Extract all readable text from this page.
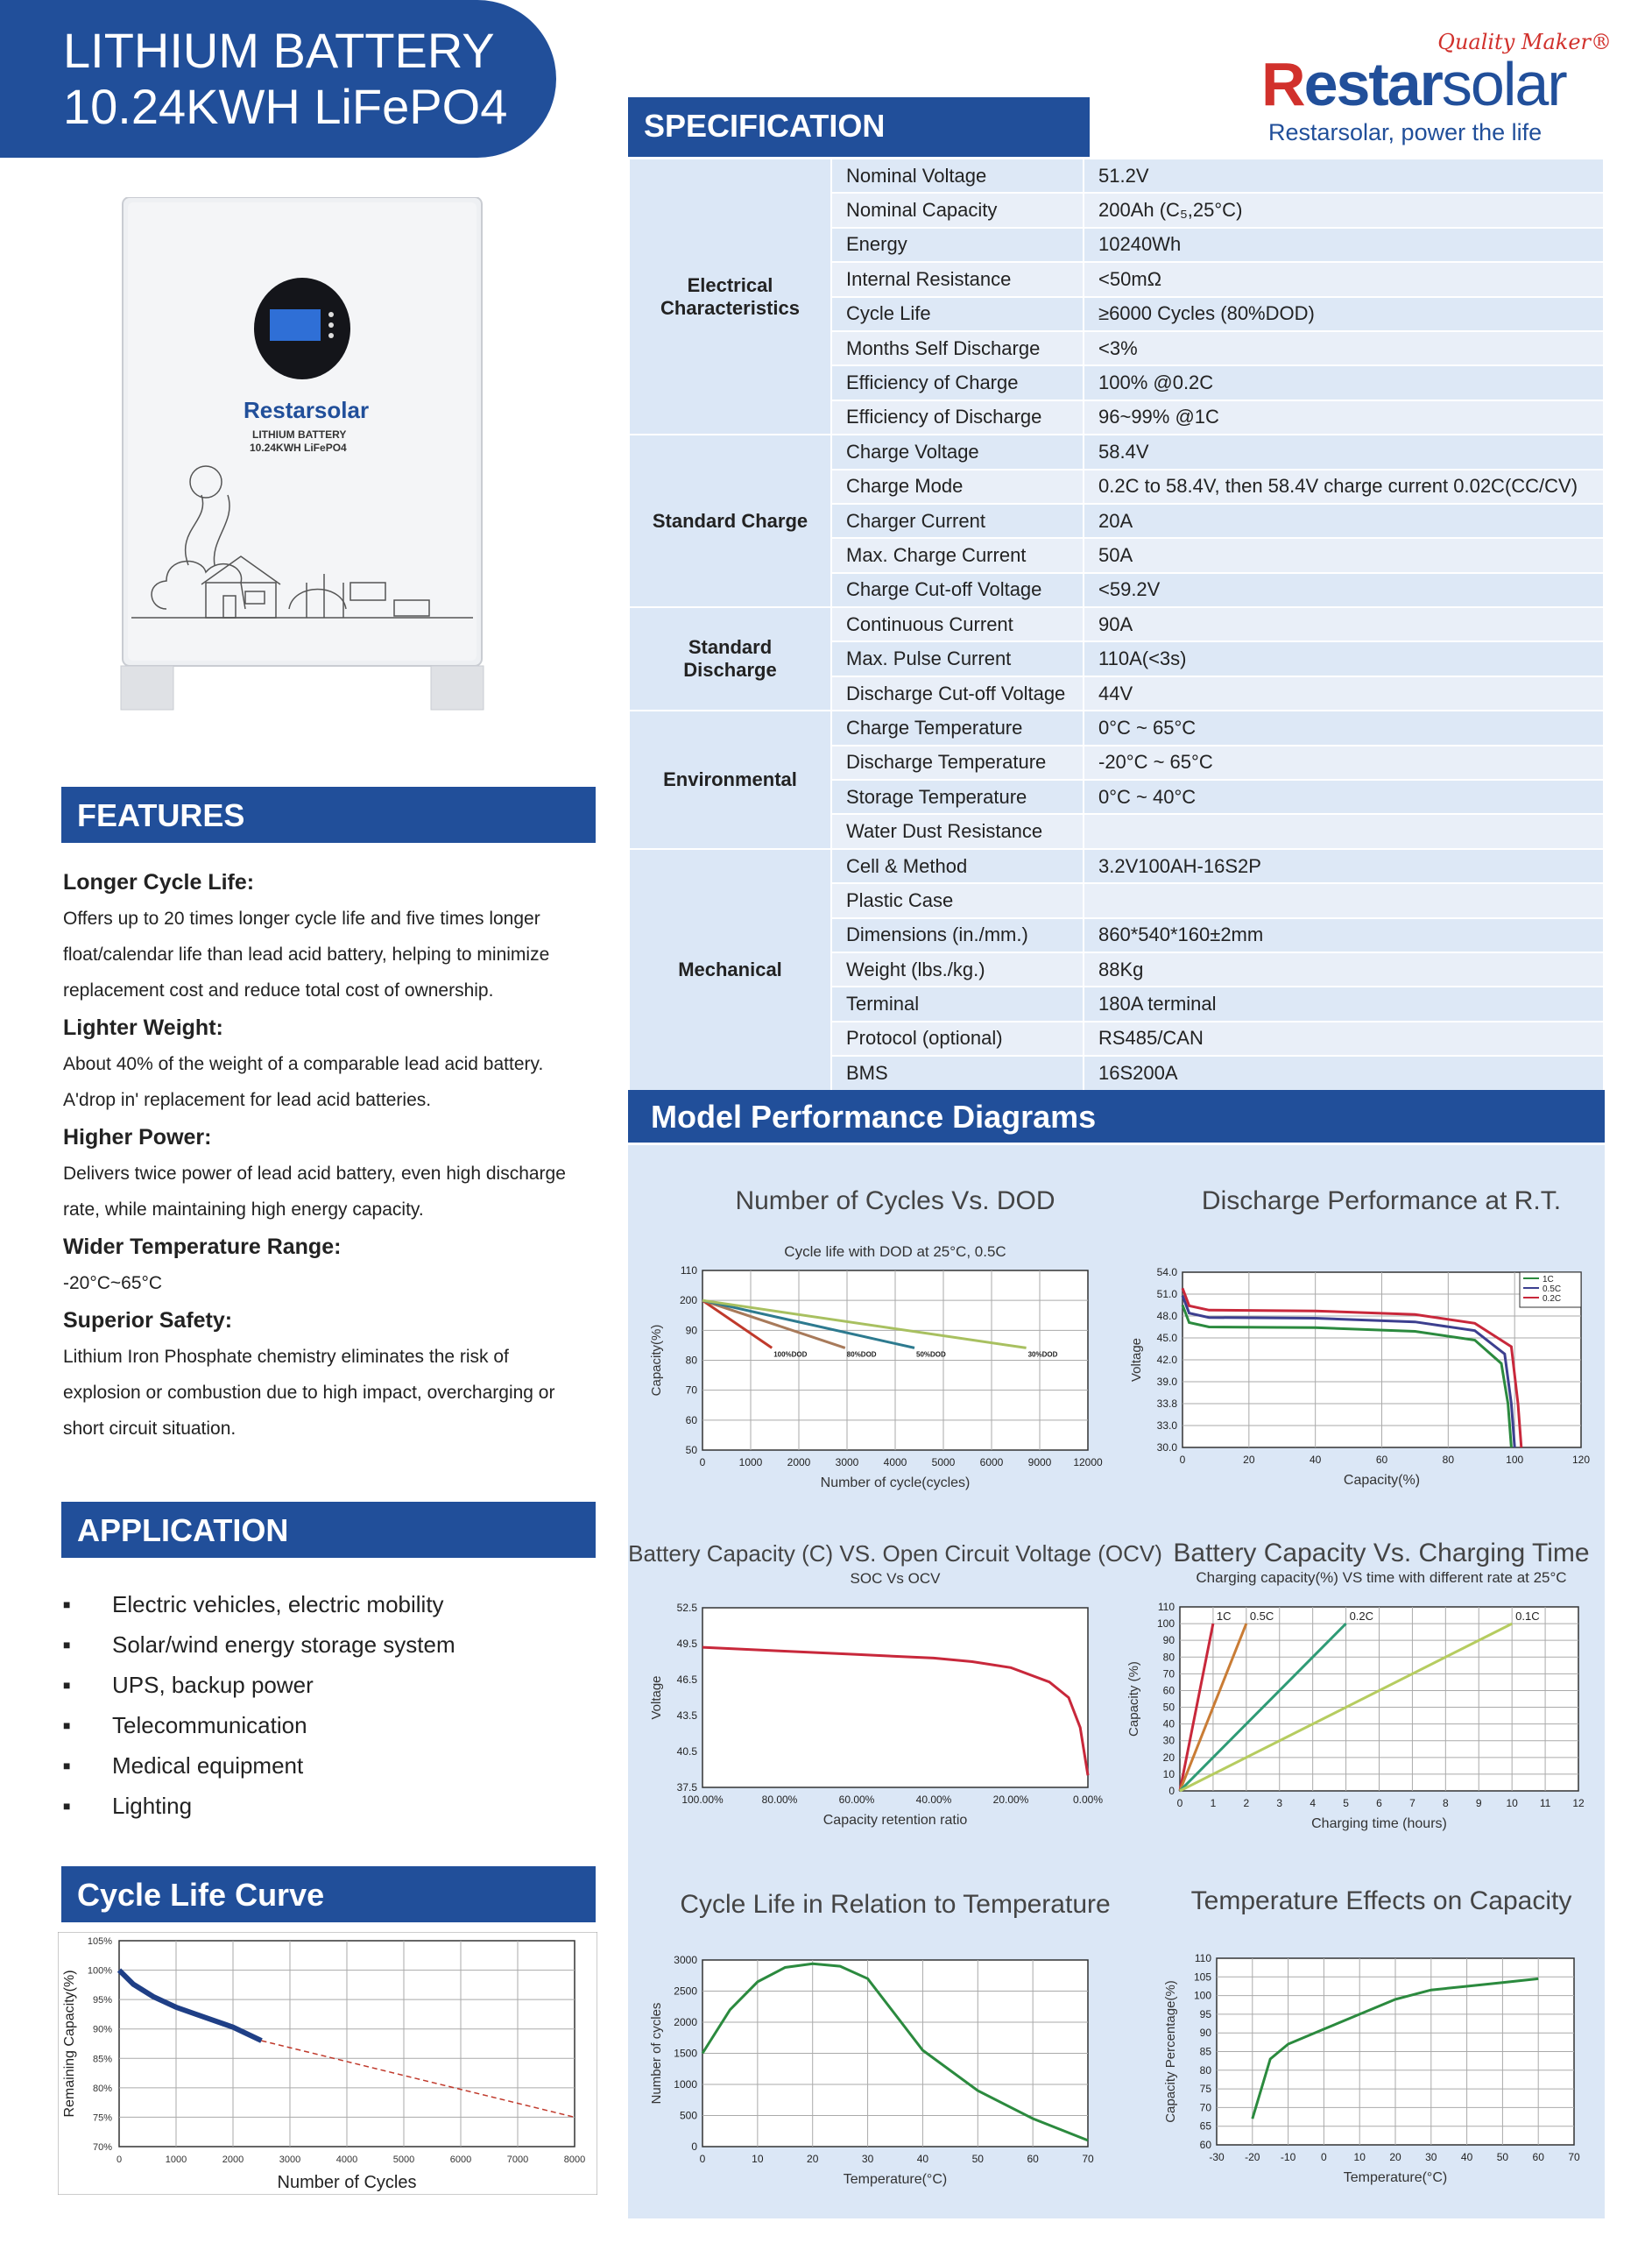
LITHIUM BATTERY
10.24KWH LiFePO4
Quality Maker®
Restarsolar
Restarsolar, power the life
Restarsolar
LITHIUM BATTERY
10.24KWH LiFePO4
SPECIFICATION
Electrical Characteristics	Nominal Voltage	51.2V
	Nominal Capacity	200Ah (C₅,25°C)
	Energy	10240Wh
	Internal Resistance	<50mΩ
	Cycle Life	≥6000 Cycles (80%DOD)
	Months Self Discharge	<3%
	Efficiency of Charge	100% @0.2C
	Efficiency of Discharge	96~99% @1C
Standard Charge	Charge Voltage	58.4V
	Charge Mode	0.2C to 58.4V, then 58.4V charge current 0.02C(CC/CV)
	Charger Current	20A
	Max. Charge Current	50A
	Charge Cut-off Voltage	<59.2V
Standard Discharge	Continuous Current	90A
	Max. Pulse Current	110A(<3s)
	Discharge Cut-off Voltage	44V
Environmental	Charge Temperature	0°C ~ 65°C
	Discharge Temperature	-20°C ~ 65°C
	Storage Temperature	0°C ~ 40°C
	Water Dust Resistance	
Mechanical	Cell & Method	3.2V100AH-16S2P
	Plastic Case	
	Dimensions (in./mm.)	860*540*160±2mm
	Weight (lbs./kg.)	88Kg
	Terminal	180A terminal
	Protocol (optional)	RS485/CAN
	BMS	16S200A
FEATURES
Longer Cycle Life:
Offers up to 20 times longer cycle life and five times longer
float/calendar life than lead acid battery, helping to minimize
replacement cost and reduce total cost of ownership.
Lighter Weight:
About 40% of the weight of a comparable lead acid battery.
A'drop in' replacement for lead acid batteries.
Higher Power:
Delivers twice power of lead acid battery, even high discharge
rate, while maintaining high energy capacity.
Wider Temperature Range:
-20°C~65°C
Superior Safety:
Lithium Iron Phosphate chemistry eliminates the risk of
explosion or combustion due to high impact, overcharging or
short circuit situation.
APPLICATION
■	Electric vehicles, electric mobility
■	Solar/wind energy storage system
■	UPS, backup power
■	Telecommunication
■	Medical equipment
■	Lighting
Cycle Life Curve
70%
75%
80%
85%
90%
95%
100%
105%
0	1000	2000	3000	4000	5000	6000	7000	8000
Number of Cycles
Remaining Capacity(%)
Model Performance Diagrams
Number of Cycles Vs. DOD
Cycle life with DOD at 25°C, 0.5C
50
60
70
80
90
200
110
0	1000 2000 3000 4000 5000 6000 9000 12000
Number of cycle(cycles)
Capacity(%)	100%DOD	80%DOD	50%DOD	30%DOD
Discharge Performance at R.T.
30.0
33.0
33.8
39.0
42.0
45.0
48.0
51.0
54.0
0	20	40	60	80	100	120
Capacity(%)
Voltage
1C
0.5C
0.2C
Battery Capacity (C) VS. Open Circuit Voltage (OCV)
SOC Vs OCV
37.5
40.5
43.5
46.5
49.5
52.5
100.00%	80.00%	60.00%	40.00%	20.00%	0.00%
Capacity retention ratio
Voltage
Battery Capacity Vs. Charging Time
Charging capacity(%) VS time with different rate at 25°C
0
10
20
30
40
50
60
70
80
90
100
110
0	1	2	3	4	5	6	7	8	9 10 11 12
Charging time (hours)
Capacity (%)
1C 0.5C	0.2C	0.1C
Cycle Life in Relation to Temperature
0
500
1000
1500
2000
2500
3000
0	10	20	30	40	50	60	70
Temperature(°C)
Number of cycles
Temperature Effects on Capacity
60
65
70
75
80
85
90
95
100
105
110
-30 -20 -10 0	10 20 30 40 50 60 70
Temperature(°C)
Capacity Percentage(%)
